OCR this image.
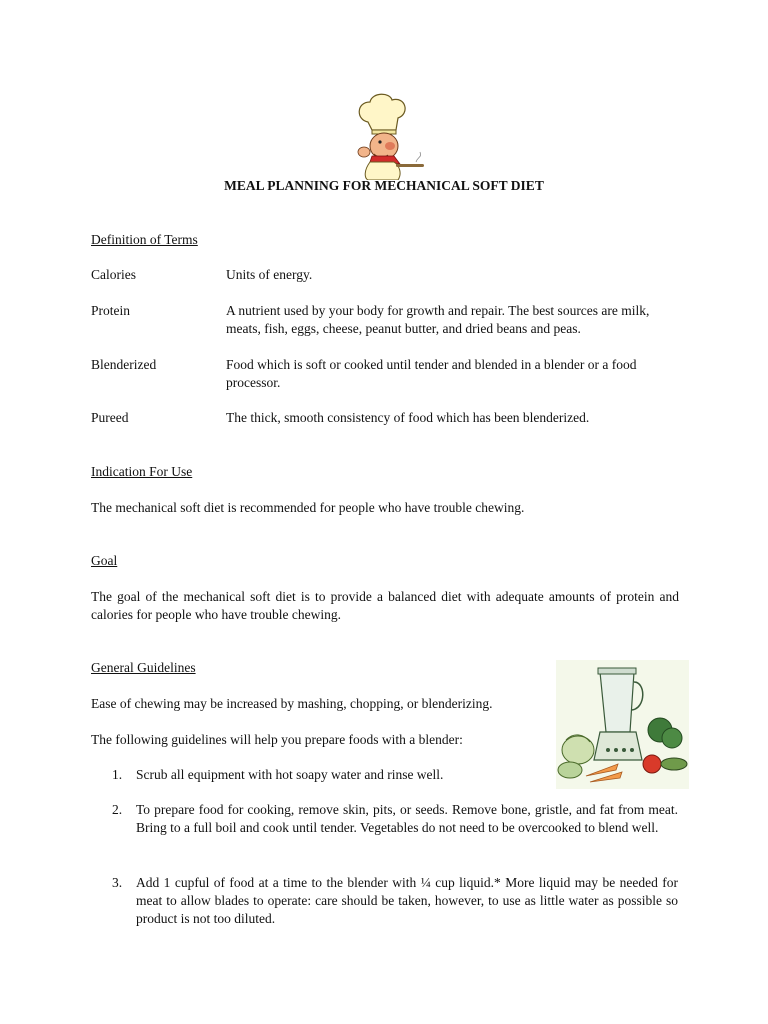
MEAL PLANNING FOR MECHANICAL SOFT DIET
Definition of Terms
Calories	Units of energy.
Protein	A nutrient used by your body for growth and repair. The best sources are milk, meats, fish, eggs, cheese, peanut butter, and dried beans and peas.
Blenderized	Food which is soft or cooked until tender and blended in a blender or a food processor.
Pureed	The thick, smooth consistency of food which has been blenderized.
Indication For Use
The mechanical soft diet is recommended for people who have trouble chewing.
Goal
The goal of the mechanical soft diet is to provide a balanced diet with adequate amounts of protein and calories for people who have trouble chewing.
General Guidelines
Ease of chewing may be increased by mashing, chopping, or blenderizing.
The following guidelines will help you prepare foods with a blender:
1. Scrub all equipment with hot soapy water and rinse well.
2. To prepare food for cooking, remove skin, pits, or seeds. Remove bone, gristle, and fat from meat. Bring to a full boil and cook until tender. Vegetables do not need to be overcooked to blend well.
3. Add 1 cupful of food at a time to the blender with ¼ cup liquid.* More liquid may be needed for meat to allow blades to operate: care should be taken, however, to use as little water as possible so product is not too diluted.
